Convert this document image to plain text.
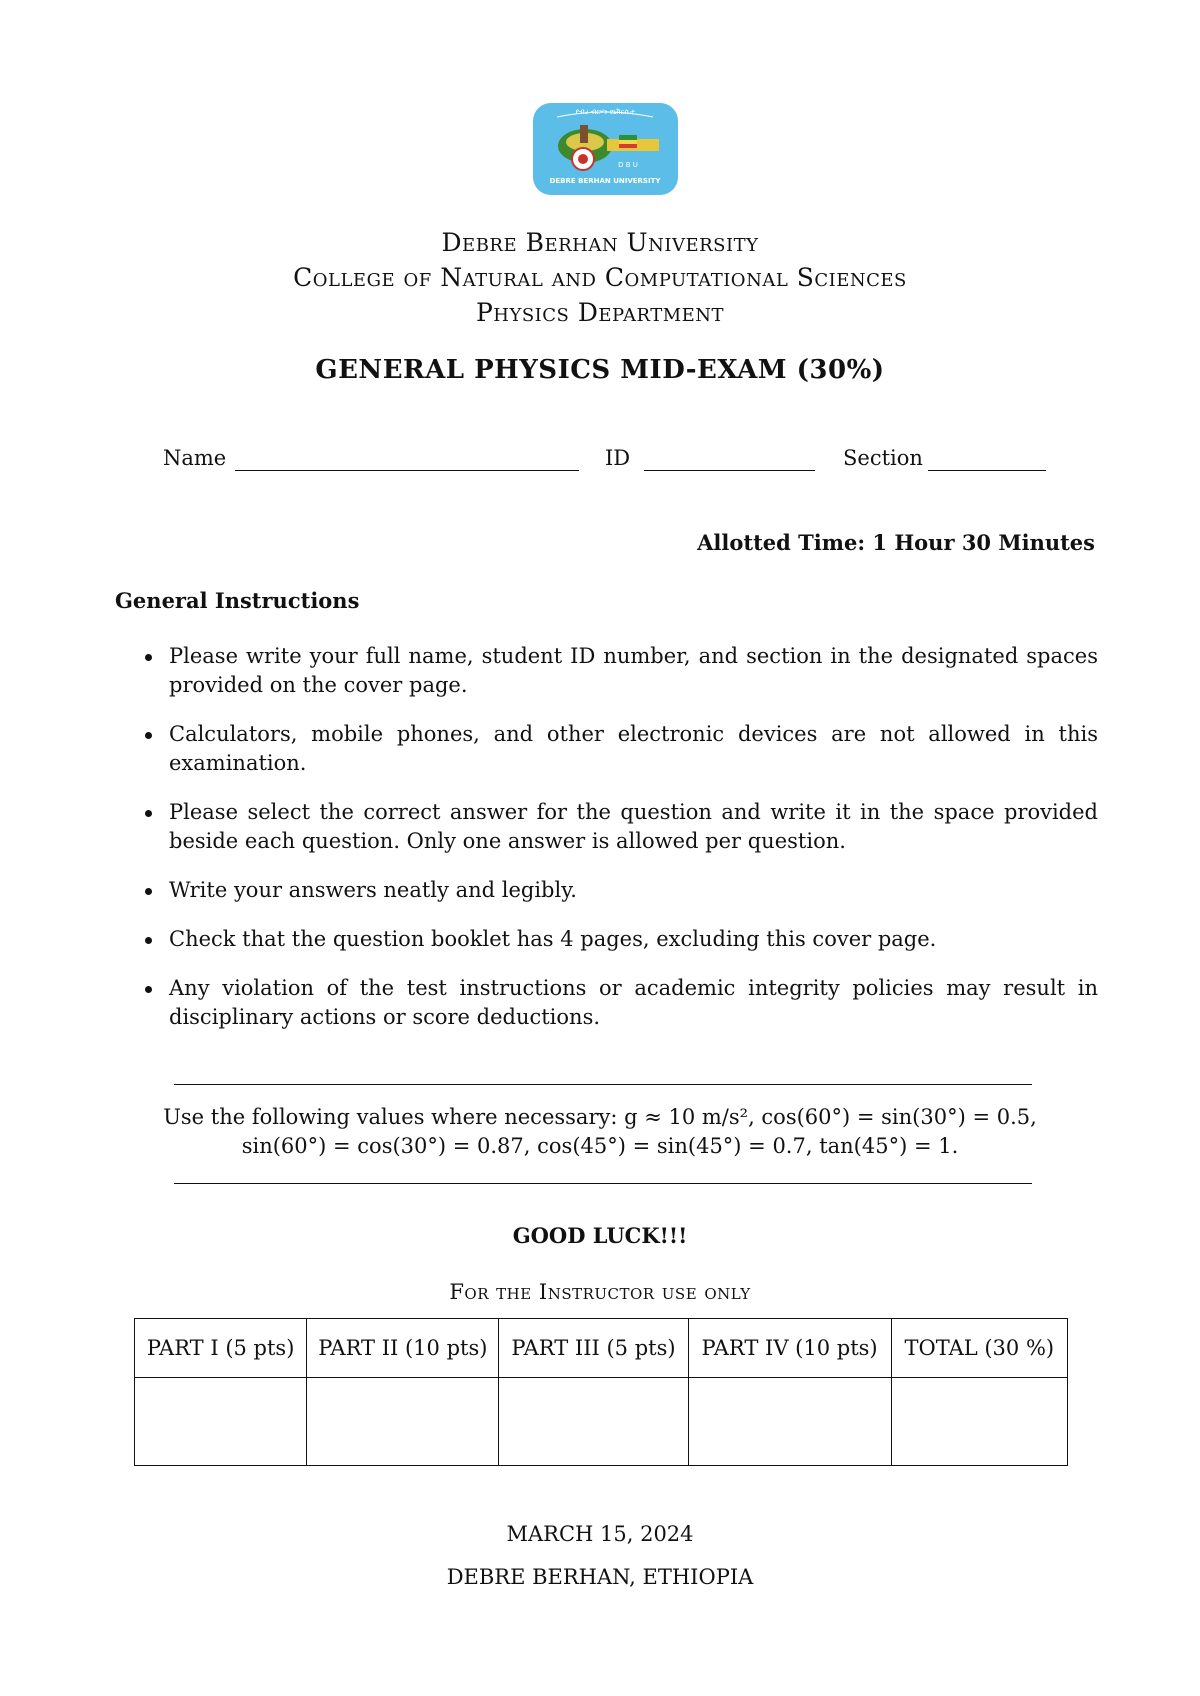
D B U
DEBRE BERHAN UNIVERSITY
ደብረ ብርሃን ዩኒቨርሲቲ
Debre Berhan University
College of Natural and Computational Sciences
Physics Department
GENERAL PHYSICS MID-EXAM (30%)
Name	ID	Section
Allotted Time: 1 Hour 30 Minutes
General Instructions
Please write your full name, student ID number, and section in the designated spaces provided on the cover page.
Calculators, mobile phones, and other electronic devices are not allowed in this examination.
Please select the correct answer for the question and write it in the space provided beside each question. Only one answer is allowed per question.
Write your answers neatly and legibly.
Check that the question booklet has 4 pages, excluding this cover page.
Any violation of the test instructions or academic integrity policies may result in disciplinary actions or score deductions.
Use the following values where necessary: g ≈ 10 m/s², cos(60°) = sin(30°) = 0.5,
sin(60°) = cos(30°) = 0.87, cos(45°) = sin(45°) = 0.7, tan(45°) = 1.
GOOD LUCK!!!
For the Instructor use only
PART I (5 pts)	PART II (10 pts)	PART III (5 pts)	PART IV (10 pts)	TOTAL (30 %)

MARCH 15, 2024
DEBRE BERHAN, ETHIOPIA
